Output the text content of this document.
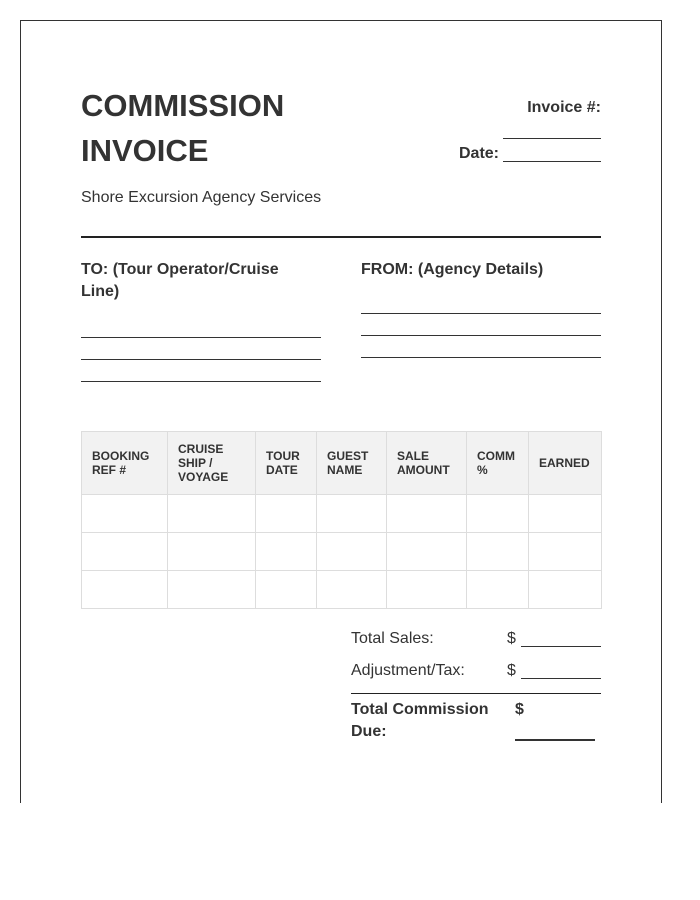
COMMISSION
INVOICE
Invoice #:
Date:
Shore Excursion Agency Services
TO: (Tour Operator/Cruise Line)
FROM: (Agency Details)
BOOKING REF #	CRUISE SHIP / VOYAGE	TOUR DATE	GUEST NAME	SALE AMOUNT	COMM %	EARNED

Total Sales:	$
Adjustment/Tax:	$
Total Commission Due:
$
